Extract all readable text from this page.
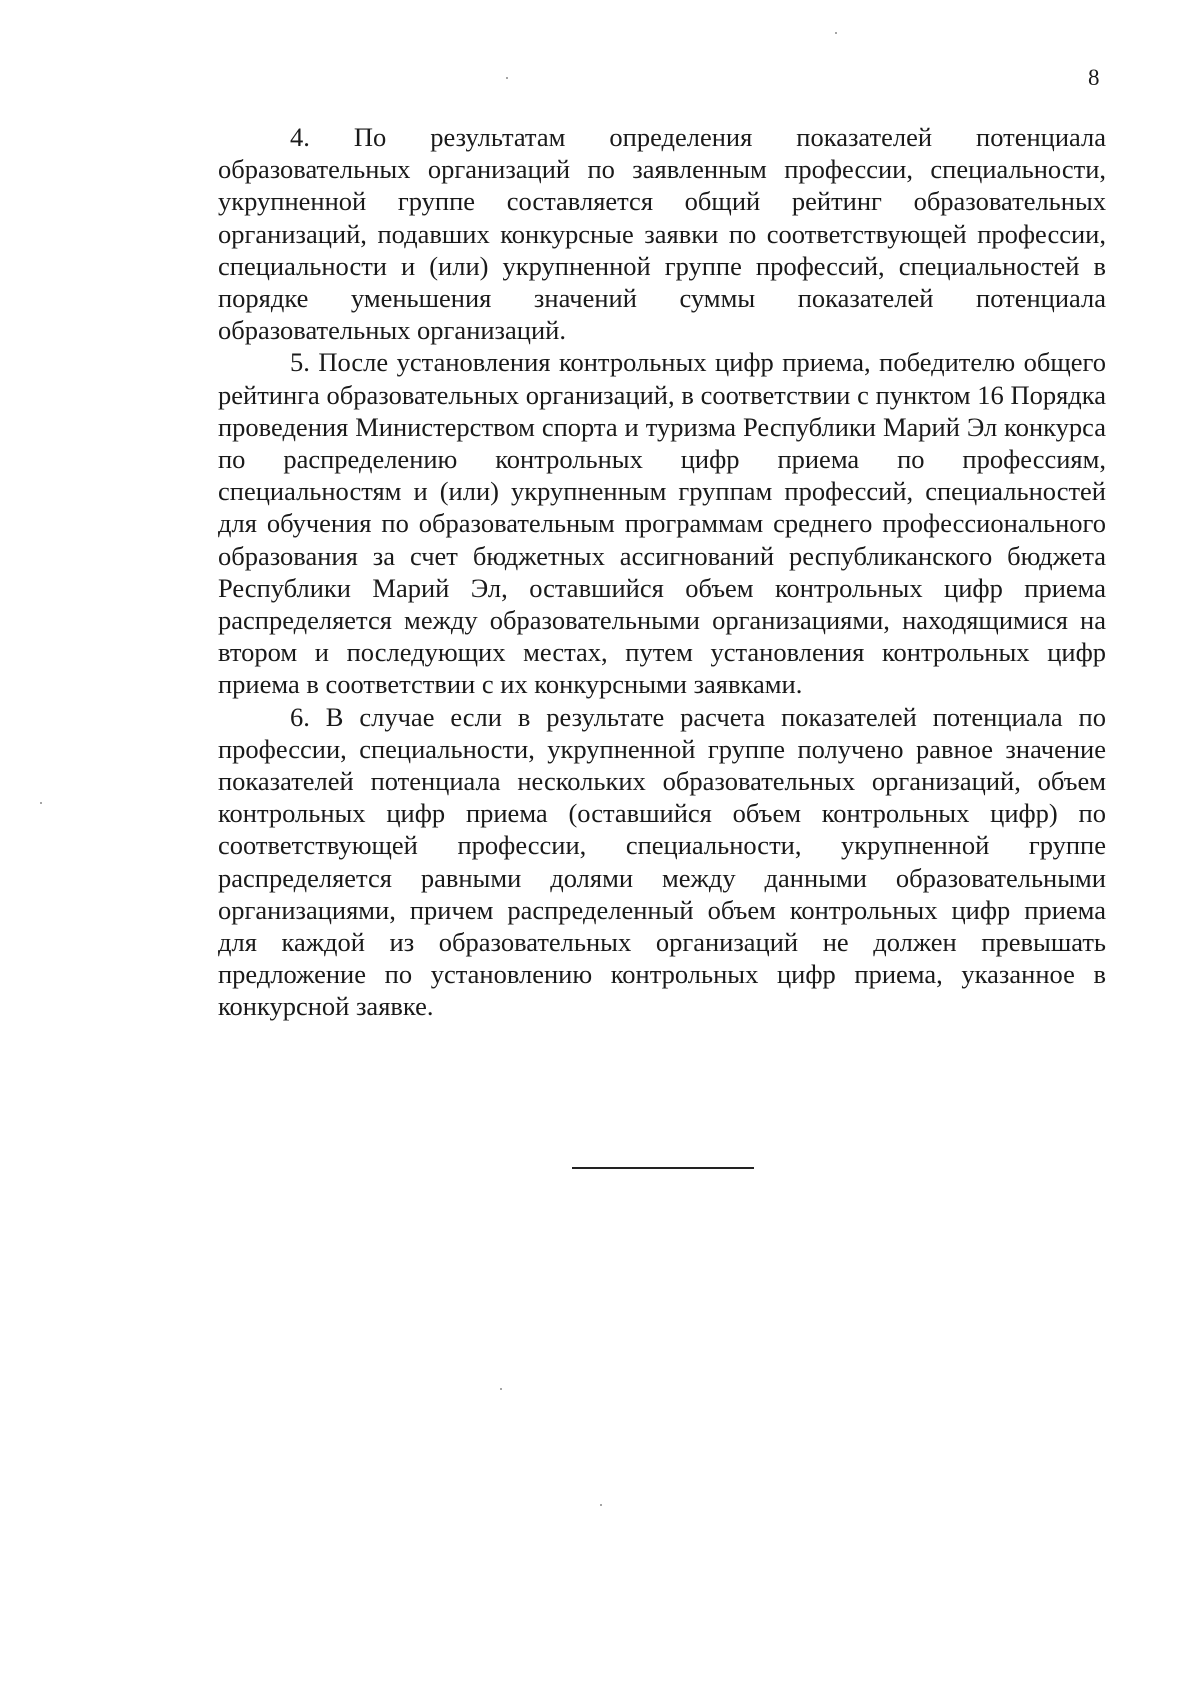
8

4. По результатам определения показателей потенциала образовательных организаций по заявленным профессии, специальности, укрупненной группе составляется общий рейтинг образовательных организаций, подавших конкурсные заявки по соответствующей профессии, специальности и (или) укрупненной группе профессий, специальностей в порядке уменьшения значений суммы показателей потенциала образовательных организаций.

5. После установления контрольных цифр приема, победителю общего рейтинга образовательных организаций, в соответствии с пунктом 16 Порядка проведения Министерством спорта и туризма Республики Марий Эл конкурса по распределению контрольных цифр приема по профессиям, специальностям и (или) укрупненным группам профессий, специальностей для обучения по образовательным программам среднего профессионального образования за счет бюджетных ассигнований республиканского бюджета Республики Марий Эл, оставшийся объем контрольных цифр приема распределяется между образовательными организациями, находящимися на втором и последующих местах, путем установления контрольных цифр приема в соответствии с их конкурсными заявками.

6. В случае если в результате расчета показателей потенциала по профессии, специальности, укрупненной группе получено равное значение показателей потенциала нескольких образовательных организаций, объем контрольных цифр приема (оставшийся объем контрольных цифр) по соответствующей профессии, специальности, укрупненной группе распределяется равными долями между данными образовательными организациями, причем распределенный объем контрольных цифр приема для каждой из образовательных организаций не должен превышать предложение по установлению контрольных цифр приема, указанное в конкурсной заявке.
